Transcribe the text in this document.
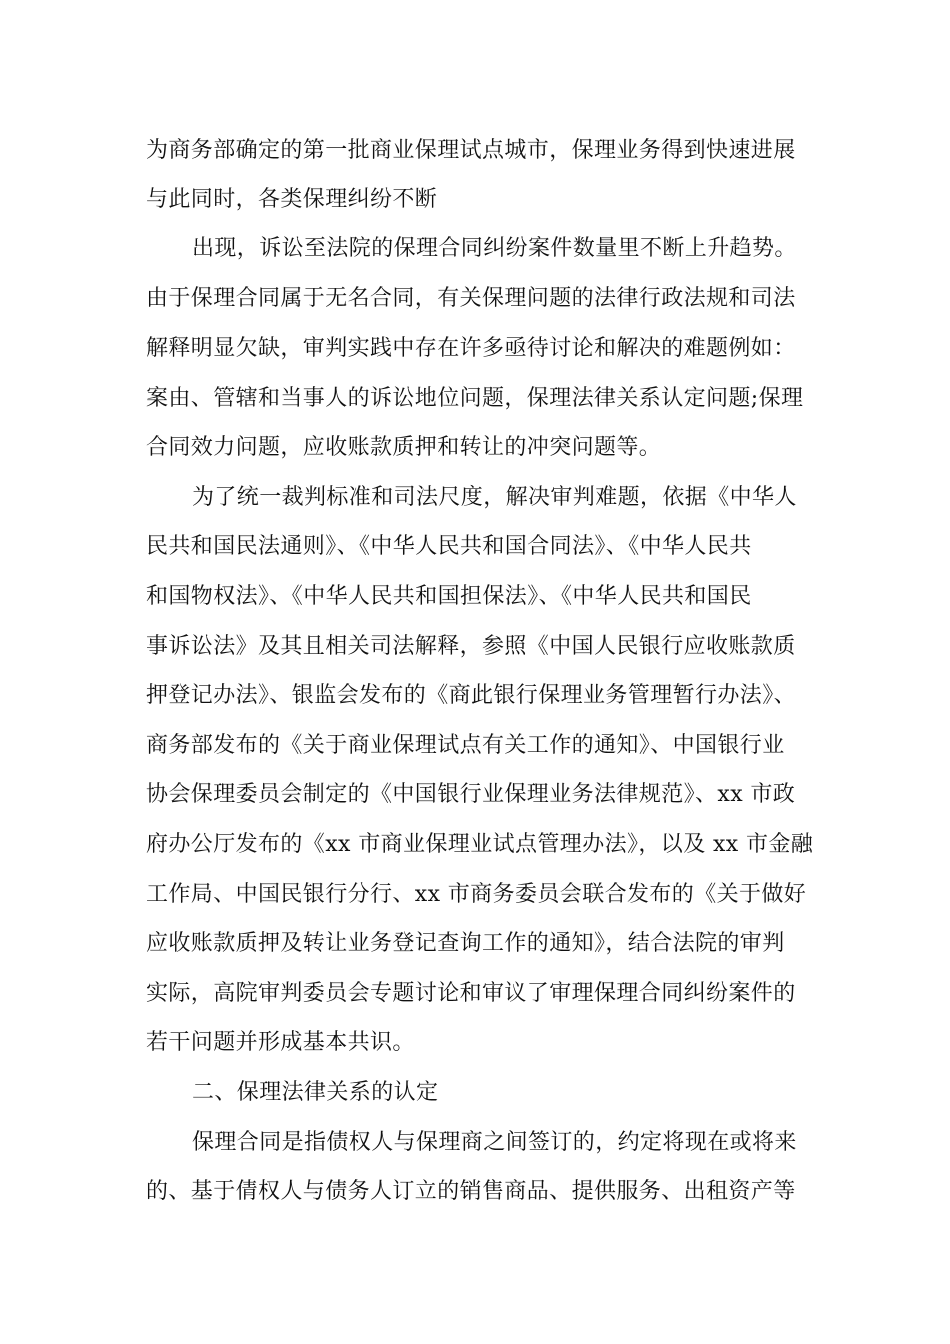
为商务部确定的第一批商业保理试点城市，保理业务得到快速进展
与此同时，各类保理纠纷不断
出现，诉讼至法院的保理合同纠纷案件数量里不断上升趋势。
由于保理合同属于无名合同，有关保理问题的法律行政法规和司法
解释明显欠缺，审判实践中存在许多亟待讨论和解决的难题例如：
案由、管辖和当事人的诉讼地位问题，保理法律关系认定问题;保理
合同效力问题，应收账款质押和转让的冲突问题等。
为了统一裁判标准和司法尺度，解决审判难题，依据《中华人
民共和国民法通则》、《中华人民共和国合同法》、《中华人民共
和国物权法》、《中华人民共和国担保法》、《中华人民共和国民
事诉讼法》及其且相关司法解释，参照《中国人民银行应收账款质
押登记办法》、银监会发布的《商此银行保理业务管理暂行办法》、
商务部发布的《关于商业保理试点有关工作的通知》、中国银行业
协会保理委员会制定的《中国银行业保理业务法律规范》、xx 市政
府办公厅发布的《xx 市商业保理业试点管理办法》，以及 xx 市金融
工作局、中国民银行分行、xx 市商务委员会联合发布的《关于做好
应收账款质押及转让业务登记查询工作的通知》，结合法院的审判
实际，高院审判委员会专题讨论和审议了审理保理合同纠纷案件的
若干问题并形成基本共识。
二、保理法律关系的认定
保理合同是指债权人与保理商之间签订的，约定将现在或将来
的、基于倩权人与债务人订立的销售商品、提供服务、出租资产等
